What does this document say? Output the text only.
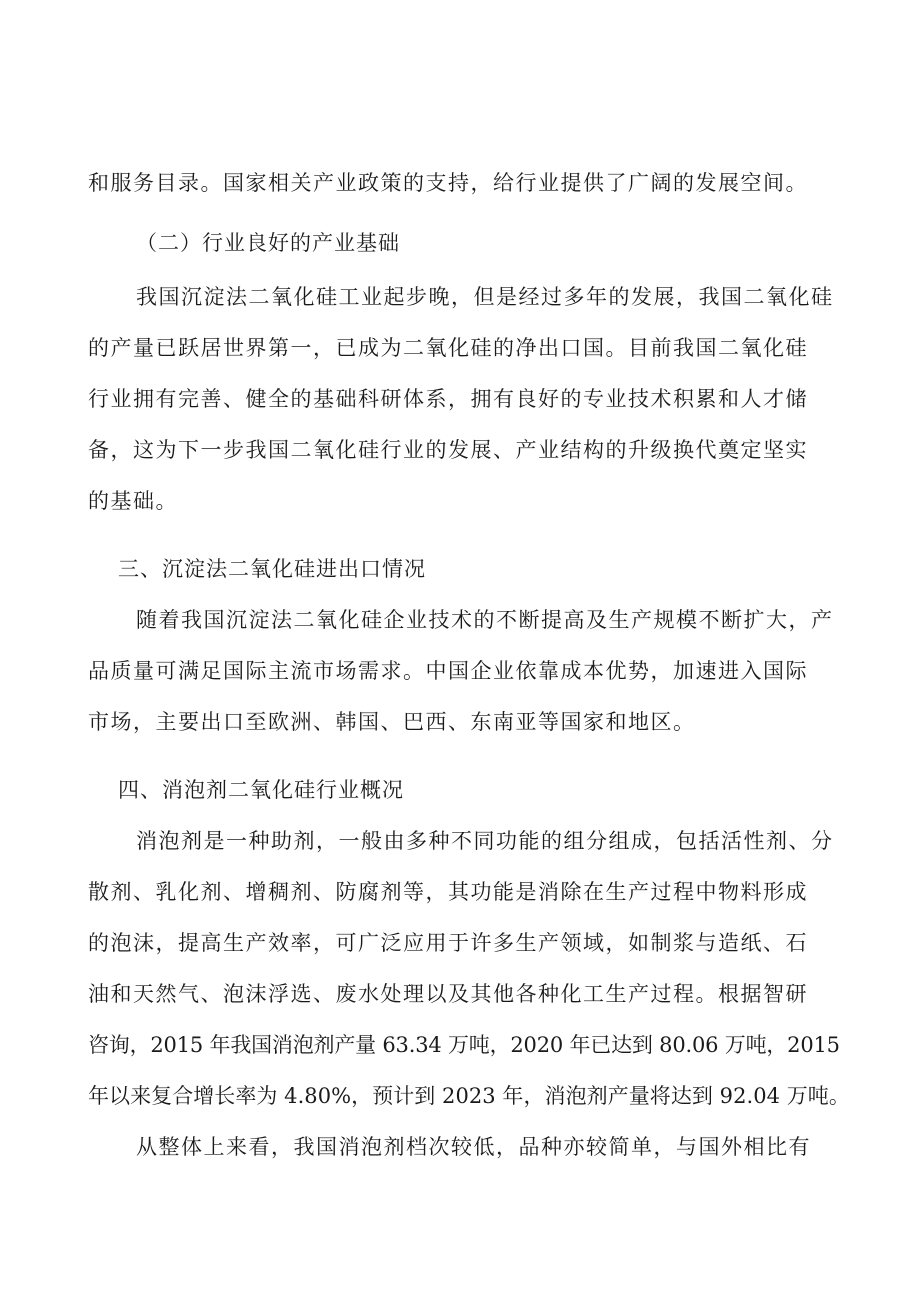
和服务目录。国家相关产业政策的支持，给行业提供了广阔的发展空间。
（二）行业良好的产业基础
我国沉淀法二氧化硅工业起步晚，但是经过多年的发展，我国二氧化硅
的产量已跃居世界第一，已成为二氧化硅的净出口国。目前我国二氧化硅
行业拥有完善、健全的基础科研体系，拥有良好的专业技术积累和人才储
备，这为下一步我国二氧化硅行业的发展、产业结构的升级换代奠定坚实
的基础。
三、沉淀法二氧化硅进出口情况
随着我国沉淀法二氧化硅企业技术的不断提高及生产规模不断扩大，产
品质量可满足国际主流市场需求。中国企业依靠成本优势，加速进入国际
市场，主要出口至欧洲、韩国、巴西、东南亚等国家和地区。
四、消泡剂二氧化硅行业概况
消泡剂是一种助剂，一般由多种不同功能的组分组成，包括活性剂、分
散剂、乳化剂、增稠剂、防腐剂等，其功能是消除在生产过程中物料形成
的泡沫，提高生产效率，可广泛应用于许多生产领域，如制浆与造纸、石
油和天然气、泡沫浮选、废水处理以及其他各种化工生产过程。根据智研
咨询，2015 年我国消泡剂产量 63.34 万吨，2020 年已达到 80.06 万吨，2015
年以来复合增长率为 4.80%，预计到 2023 年，消泡剂产量将达到 92.04 万吨。
从整体上来看，我国消泡剂档次较低，品种亦较简单，与国外相比有
